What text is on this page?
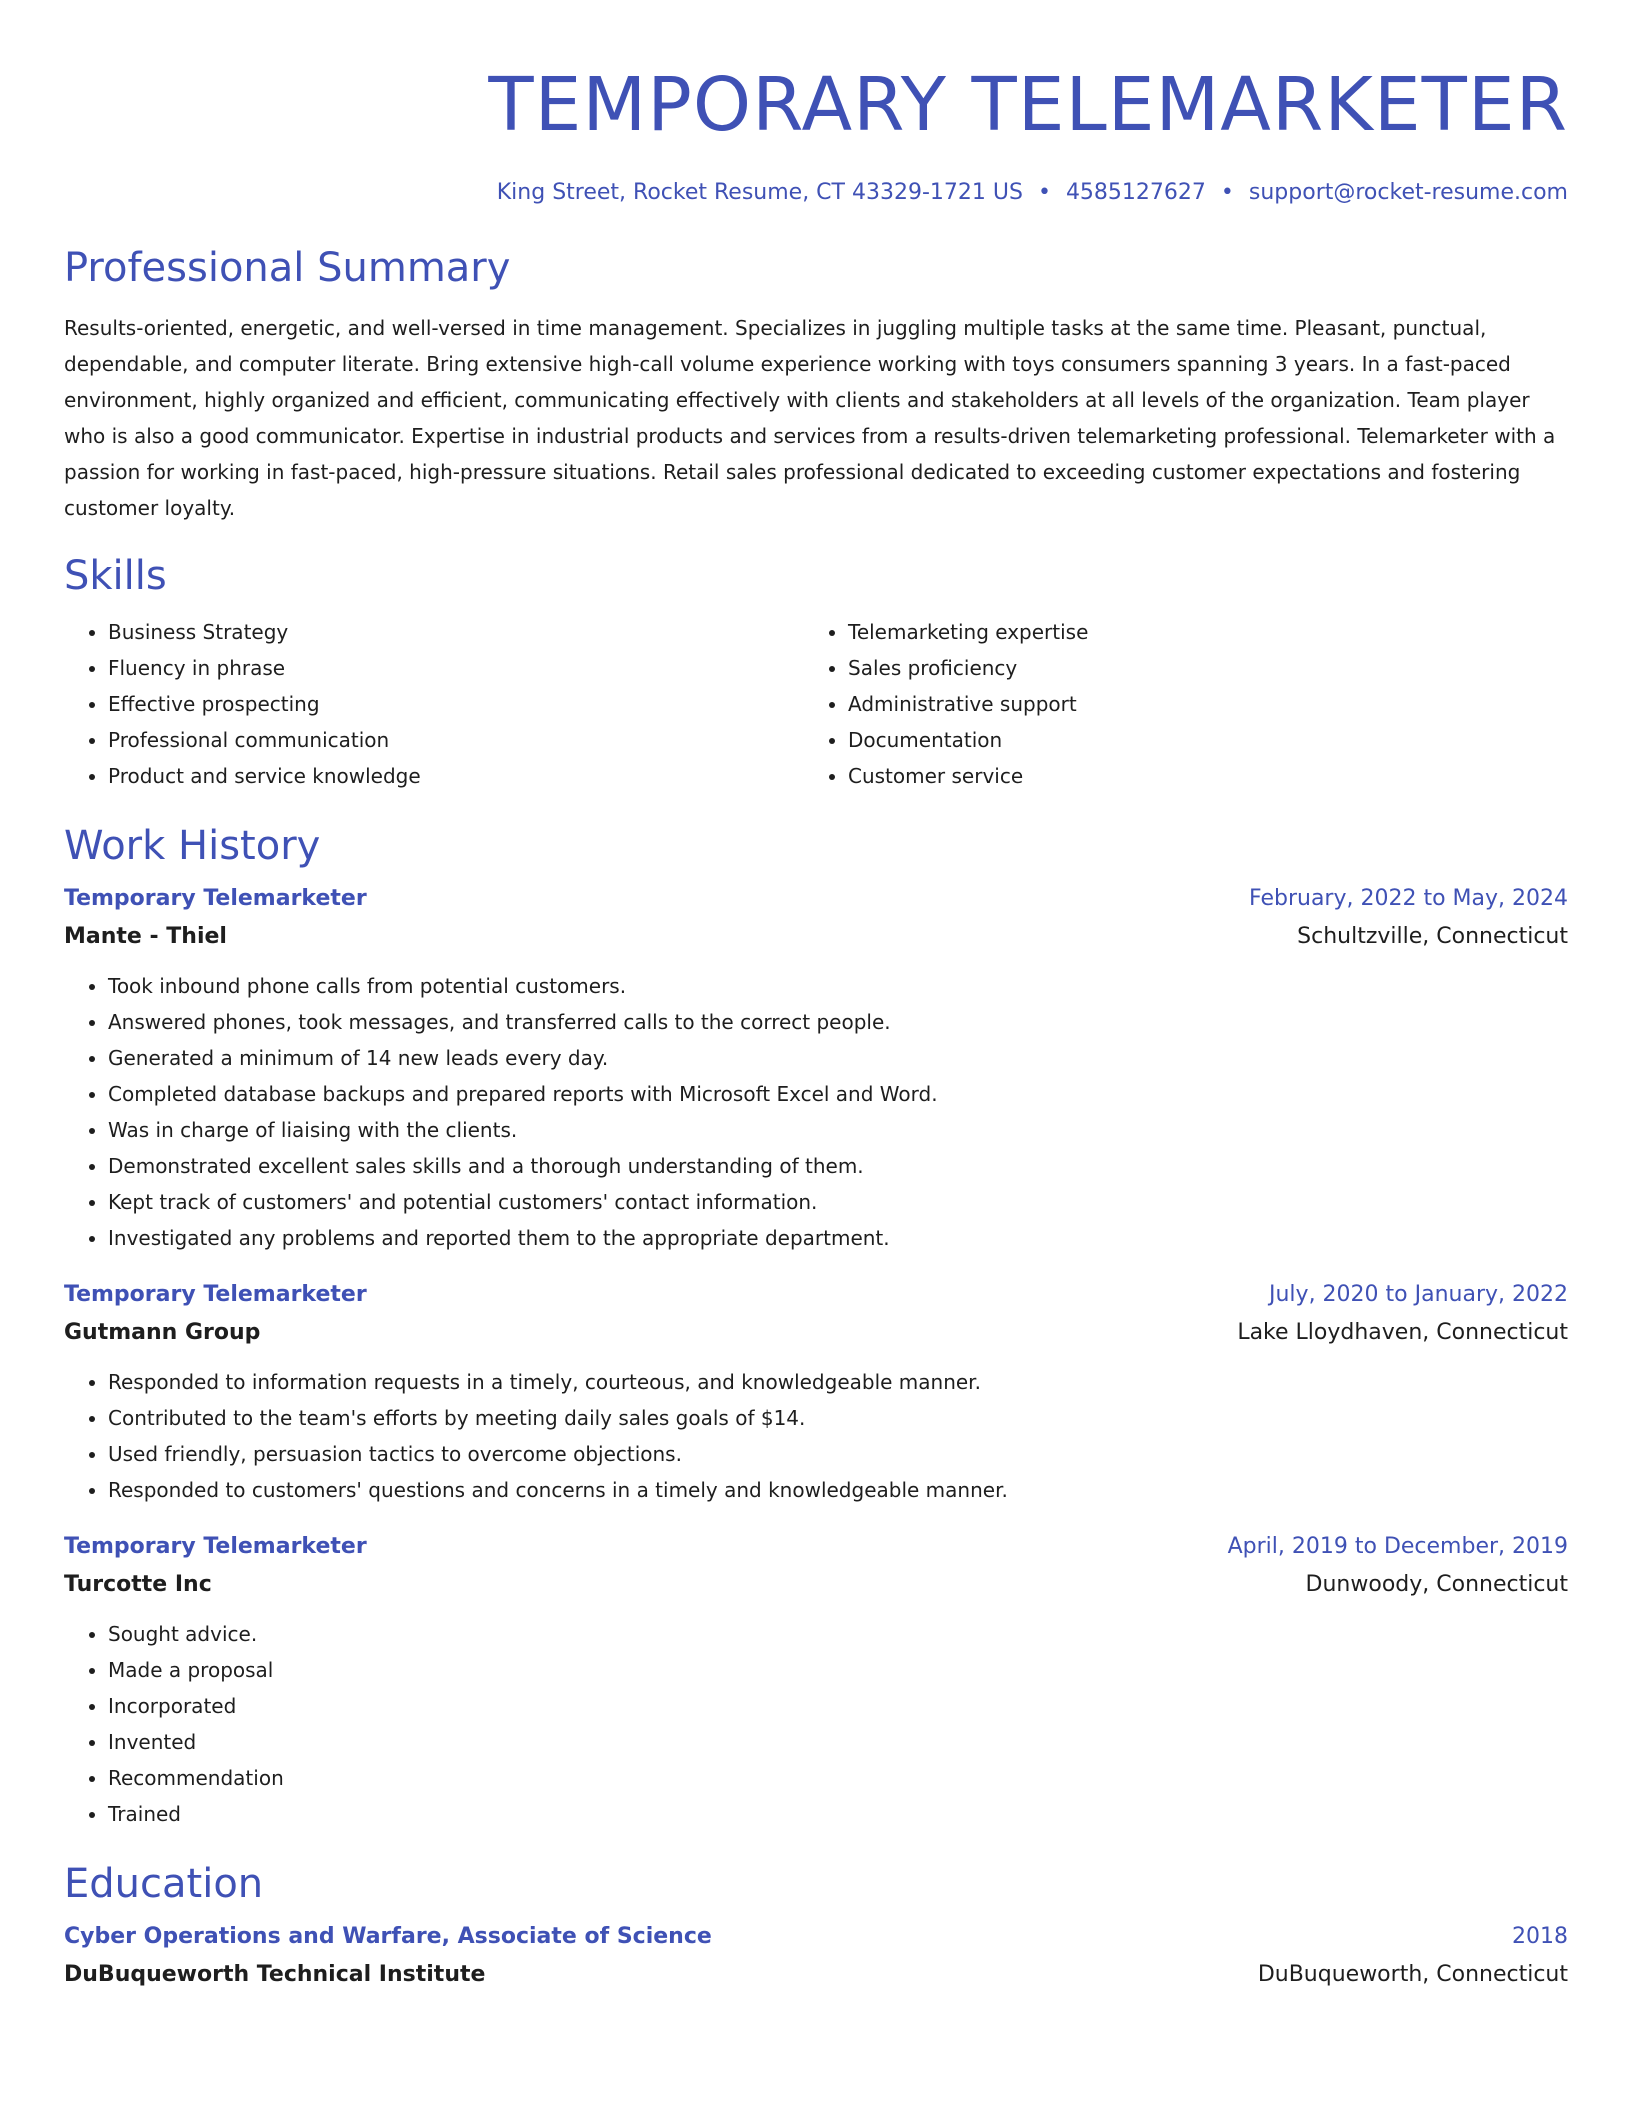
TEMPORARY TELEMARKETER
King Street, Rocket Resume, CT 43329-1721 US • 4585127627 • support@rocket-resume.com
Professional Summary
Results-oriented, energetic, and well-versed in time management. Specializes in juggling multiple tasks at the same time. Pleasant, punctual, dependable, and computer literate. Bring extensive high-call volume experience working with toys consumers spanning 3 years. In a fast-paced environment, highly organized and efficient, communicating effectively with clients and stakeholders at all levels of the organization. Team player who is also a good communicator. Expertise in industrial products and services from a results-driven telemarketing professional. Telemarketer with a passion for working in fast-paced, high-pressure situations. Retail sales professional dedicated to exceeding customer expectations and fostering customer loyalty.
Skills
• Business Strategy
• Fluency in phrase
• Effective prospecting
• Professional communication
• Product and service knowledge
• Telemarketing expertise
• Sales proficiency
• Administrative support
• Documentation
• Customer service
Work History
Temporary Telemarketer	February, 2022 to May, 2024
Mante - Thiel	Schultzville, Connecticut
• Took inbound phone calls from potential customers.
• Answered phones, took messages, and transferred calls to the correct people.
• Generated a minimum of 14 new leads every day.
• Completed database backups and prepared reports with Microsoft Excel and Word.
• Was in charge of liaising with the clients.
• Demonstrated excellent sales skills and a thorough understanding of them.
• Kept track of customers' and potential customers' contact information.
• Investigated any problems and reported them to the appropriate department.
Temporary Telemarketer	July, 2020 to January, 2022
Gutmann Group	Lake Lloydhaven, Connecticut
• Responded to information requests in a timely, courteous, and knowledgeable manner.
• Contributed to the team's efforts by meeting daily sales goals of $14.
• Used friendly, persuasion tactics to overcome objections.
• Responded to customers' questions and concerns in a timely and knowledgeable manner.
Temporary Telemarketer	April, 2019 to December, 2019
Turcotte Inc	Dunwoody, Connecticut
• Sought advice.
• Made a proposal
• Incorporated
• Invented
• Recommendation
• Trained
Education
Cyber Operations and Warfare, Associate of Science	2018
DuBuqueworth Technical Institute	DuBuqueworth, Connecticut
